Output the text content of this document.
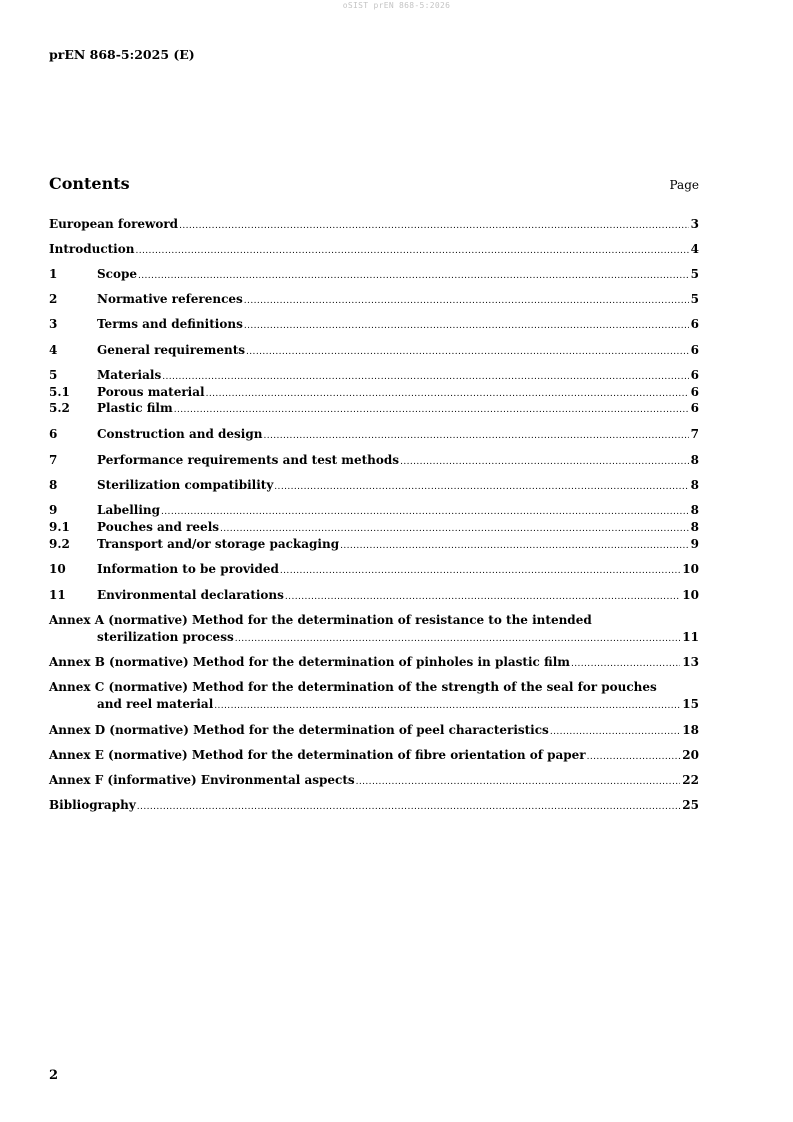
oSIST prEN 868-5:2026
prEN 868-5:2025 (E)
Contents	Page
European foreword .....	3
Introduction .....	4
1	Scope .....	5
2	Normative references .....	5
3	Terms and definitions .....	6
4	General requirements .....	6
5	Materials .....	6
5.1 Porous material .....	6
5.2 Plastic film .....	6
6	Construction and design .....	7
7	Performance requirements and test methods .....	8
8	Sterilization compatibility .....	8
9	Labelling .....	8
9.1 Pouches and reels .....	8
9.2 Transport and/or storage packaging .....	9
10	Information to be provided .....	10
11	Environmental declarations .....	10
Annex A (normative) Method for the determination of resistance to the intended
sterilization process .....	11
Annex B (normative) Method for the determination of pinholes in plastic film .....	13
Annex C (normative) Method for the determination of the strength of the seal for pouches
and reel material .....	15
Annex D (normative) Method for the determination of peel characteristics .....	18
Annex E (normative) Method for the determination of fibre orientation of paper .....	20
Annex F (informative) Environmental aspects .....	22
Bibliography .....	25
2
